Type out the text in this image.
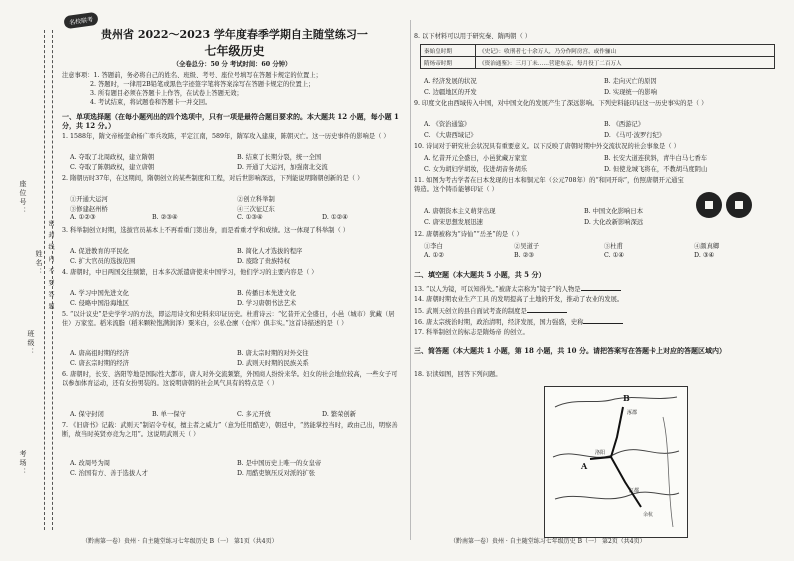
座位号：
考场：
班级：
姓名： 密 封 线 内 不 要 答 题
名校联考
贵州省 2022～2023 学年度春季学期自主随堂练习一
七年级历史
（全卷总分：50 分 考试时间：60 分钟）
注意事项：1. 答题前，务必将自己的姓名、班级、考号、座位号填写在答题卡规定的位置上；
2. 答题时，一律用2B铅笔或黑色字迹签字笔将答案涂写在答题卡规定的位置上；
3. 所有题目必须在答题卡上作答，在试卷上答题无效；
4. 考试结束，将试题卷和答题卡一并交回。
一、单项选择题（在每小题列出的四个选项中，只有一项是最符合题目要求的。本大题共 12 小题，每小题 1 分，共 12 分。）
1. 1588年，隋文帝杨坚命杨广率兵攻陈，平定江南，589年，隋军攻入建康，陈朝灭亡。这一历史事件的影响是（ ）
A. 夺取了北周政权，建立隋朝	B. 结束了长期分裂，统一全国
C. 夺取了陈朝政权，建立唐朝	D. 开通了大运河，加强南北交流
2. 隋朝历时37年，在这期间，隋朝创立的某些制度和工程，对后世影响深远，下列能说明隋朝创新的是（ ）
①开通大运河	②创立科举制
③修建赵州桥	④三次征辽东
A. ①②③	B. ②③④	C. ①③④	D. ①②④
3. 科举制创立时期，选拔官员基本上不再看重门第出身，而是看重才学和成绩。这一体现了科举制（ ）
A. 促进教育的平民化	B. 简化人才选拔的程序
C. 扩大官员的选拔范围	D. 废除了贵族特权
4. 唐朝时，中日两国交往频繁，日本多次派遣唐使来中国学习，他们学习的主要内容是（ ）
A. 学习中国先进文化	B. 传播日本先进文化
C. 侵略中国沿海地区	D. 学习唐朝书法艺术
5. “以计议史”是史学学习的方法，即运用诗文和史料来印证历史。杜甫诗云：“忆昔开元全盛日，小邑（城市）犹藏（居住）万家室。稻米流脂（稻米颗粒饱满润泽）粟米白，公私仓廪（仓库）俱丰实。”这首诗描述的是（ ）
A. 唐高祖时期的经济	B. 唐太宗时期的对外交往
C. 唐玄宗时期的经济	D. 武则天时期的民族关系
6. 唐朝时，长安、洛阳等地是国际性大都市，唐人对外交流频繁，外国商人纷纷来华。妇女的社会地位较高，一些女子可以参加体育运动，还有女扮男装的。这说明唐朝的社会风气具有的特点是（ ）
A. 保守封闭	B. 单一保守	C. 多元开放	D. 繁荣创新
7. 《旧唐书》记载：武则天“制诏令专权，擅主者之威力”（意为任用酷吏），朝廷中，“然能掌控当时，政由己出，明察善断，故当时英贤亦竞为之用”。这说明武则天（ ）
A. 改周号为周	B. 是中国历史上唯一的女皇帝
C. 治国有方、善于选拔人才	D. 用酷吏镇压反对派的扩张
（黔南第一卷）贵州 · 自主随堂练习七年级历史 B（一） 第1页（共4页）
8. 以下材料可以用于研究秦、隋两朝（ ）
秦始皇时期	《史记》：收刑者七十余万人，乃分作阿房宫，或作骊山
隋炀帝时期	《资治通鉴》：三月丁未……营建东京，每月役丁二百万人
A. 经济发展的状况	B. 走向灭亡的原因
C. 边疆地区的开发	D. 实现统一的影响
9. 印度文化由西域传入中国，对中国文化的发展产生了深远影响。下列史料能印证这一历史事实的是（ ）
A. 《资治通鉴》	B. 《西游记》
C. 《大唐西域记》	D. 《马可·波罗行纪》
10. 诗词对于研究社会状况具有重要意义。以下反映了唐朝时期中外交流状况的社会事象是（ ）
A. 忆昔开元全盛日，小邑犹藏万家室	B. 长安大道连狭斜，青牛白马七香车
C. 女为胡妇学胡妆，伎进胡音务胡乐	D. 但使龙城飞将在，不教胡马度阴山
11. 如图为考古学者在日本发现的日本和铜元年（公元708年）的“和同开珎”，仿照唐朝开元通宝铸造。这个铸币能够印证（ ）
A. 唐朝资本主义萌芽出现	B. 中国文化影响日本
C. 唐宋思想发展迅速	D. 大化改新影响深远
12. 唐朝被称为“诗仙”“岳圣”的是（ ）
①李白	②吴道子	③杜甫	④颜真卿
A. ①②	B. ②③	C. ①④	D. ③④
二、填空题（本大题共 5 小题，共 5 分）
13. “以人为镜，可以知得失。”被唐太宗称为“镜子”的人物是
14. 唐朝时期农业生产工具 的发明提高了土地的开发，推动了农业的发展。
15. 武则天创立的县自面试考查的制度是
16. 唐太宗统治时期，政治清明，经济发展，国力强盛，史称
17. 科举制创立的标志是隋炀帝 的创立。
三、简答题（本大题共 1 小题，第 18 小题，共 10 分。请把答案写在答题卡上对应的答题区域内）
18. 识读如图，回答下列问题。
B
A
涿郡
洛阳
江都
余杭
（黔南第一卷）贵州 · 自主随堂练习七年级历史 B（一） 第2页（共4页）
